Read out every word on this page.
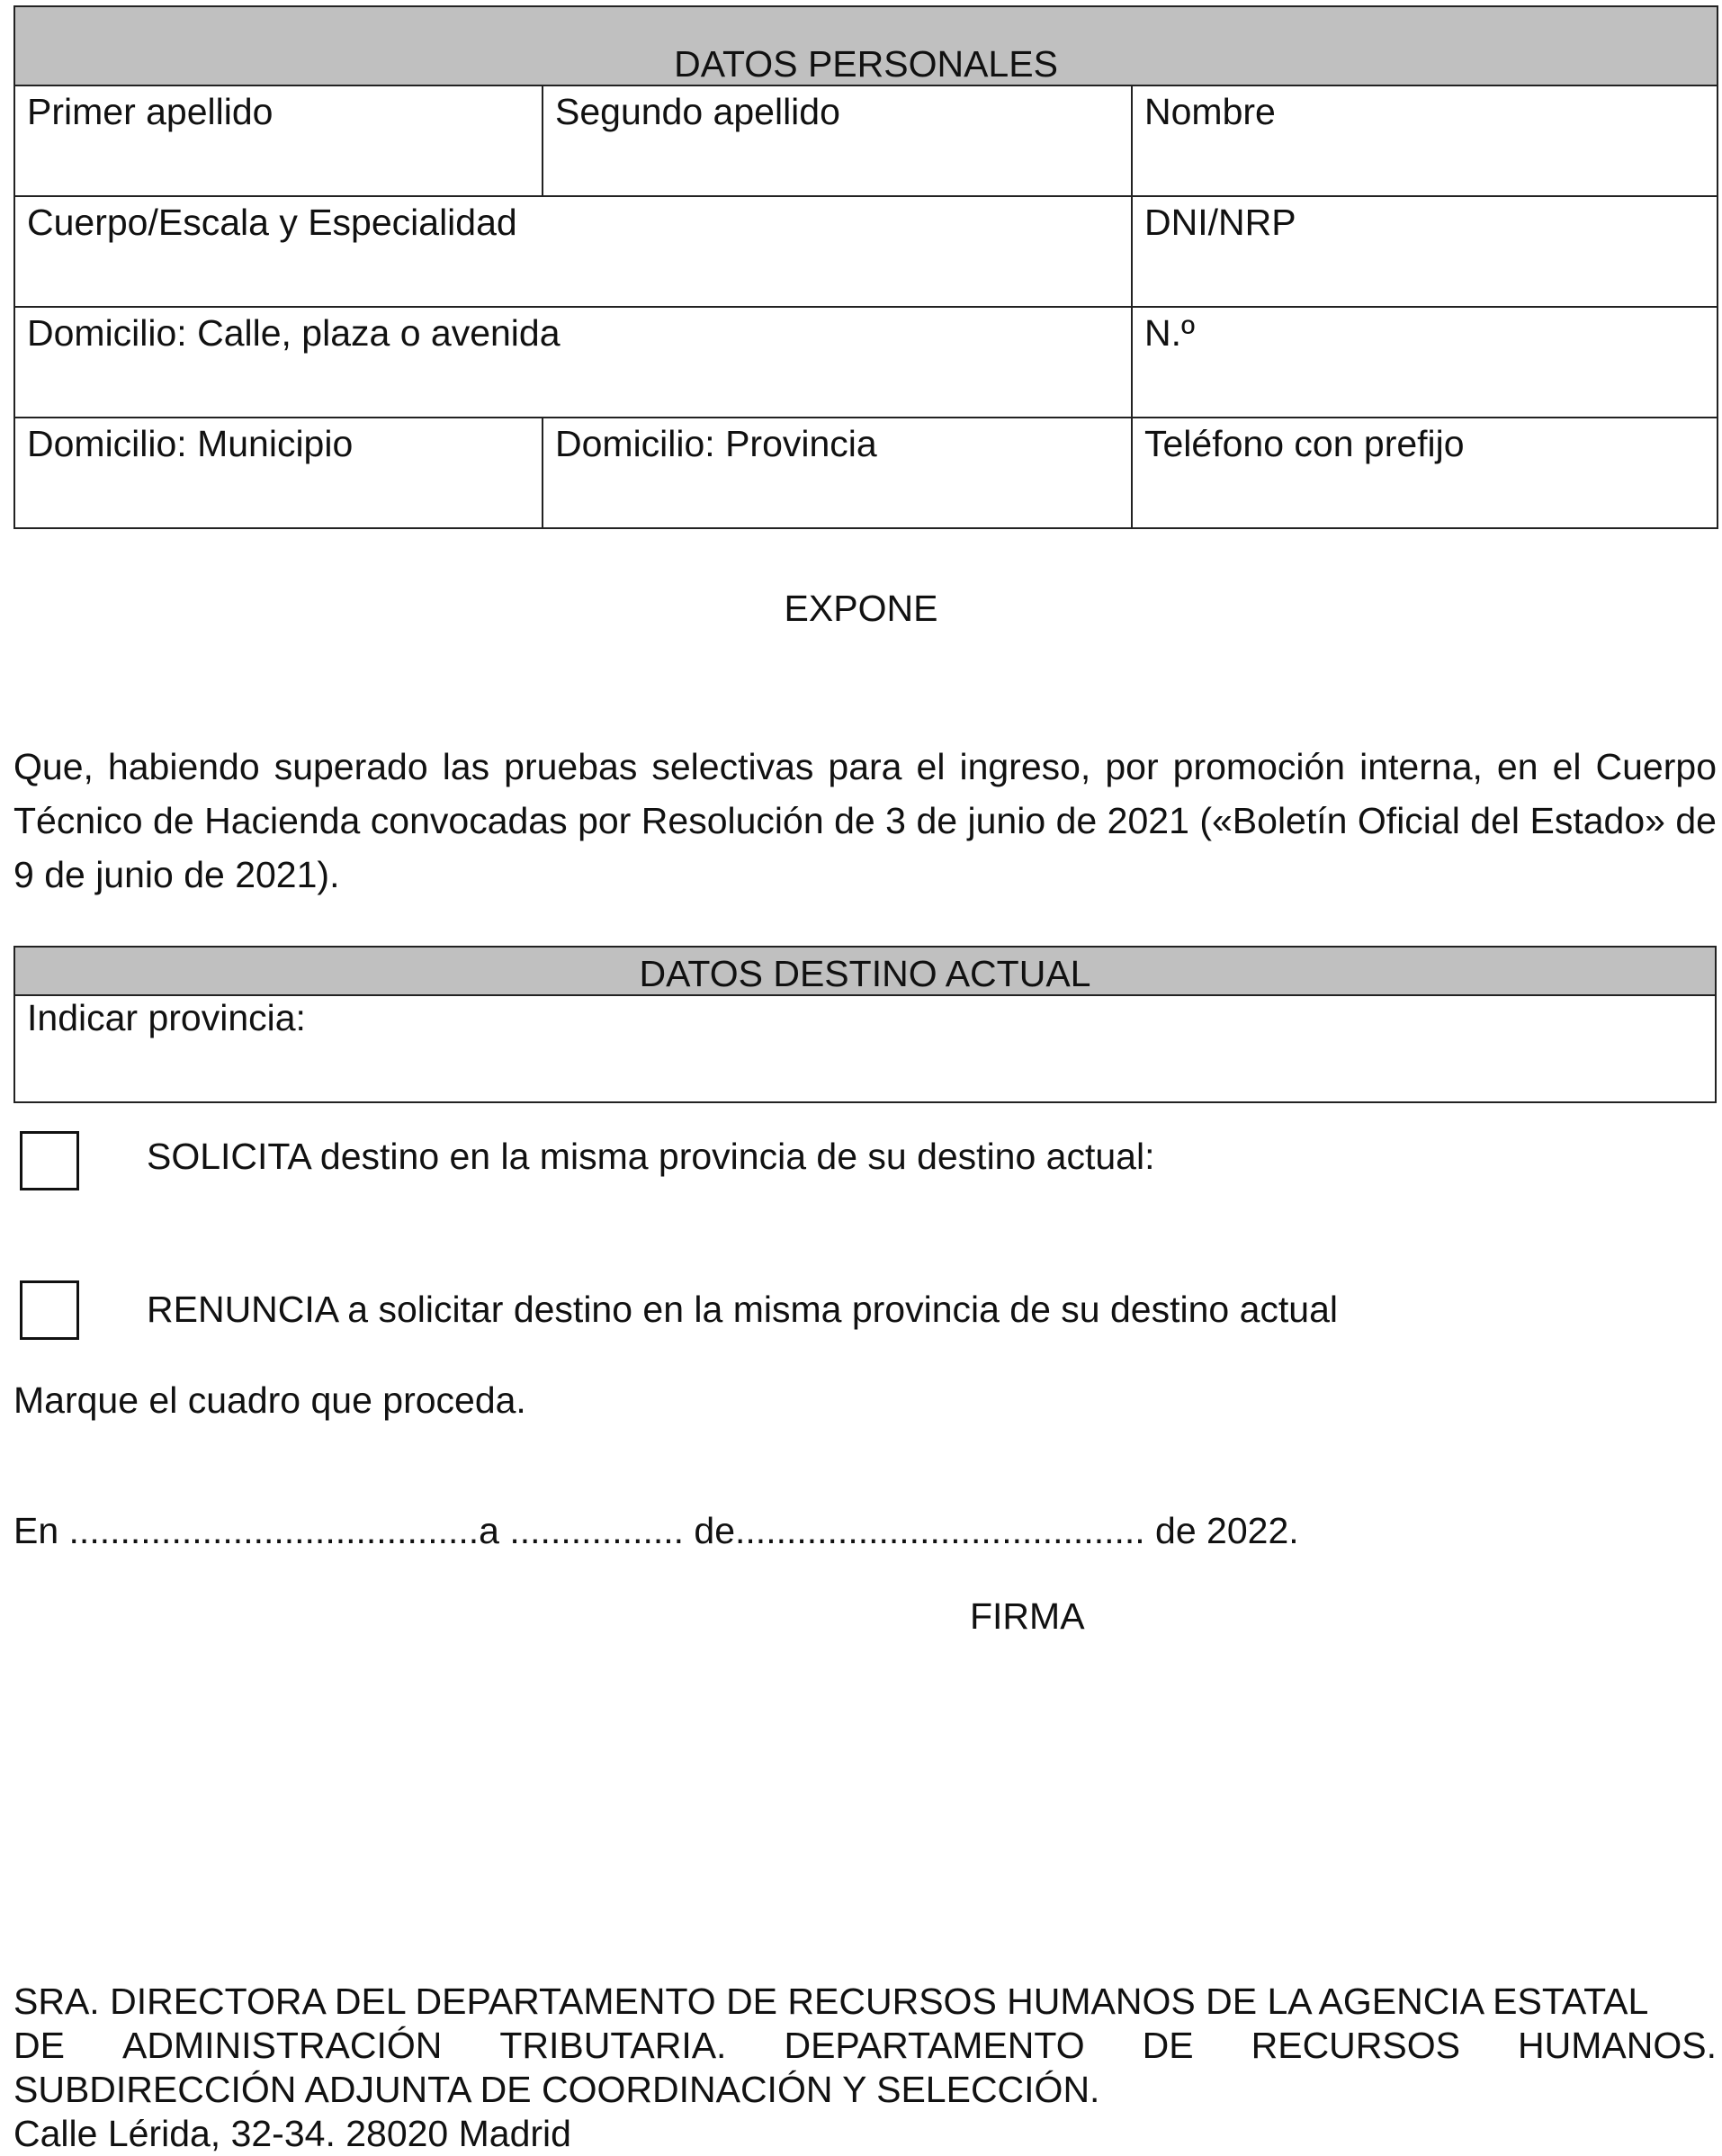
DATOS PERSONALES		
Primer apellido	Segundo apellido	Nombre
Cuerpo/Escala y Especialidad		DNI/NRP
Domicilio: Calle, plaza o avenida		N.º
Domicilio: Municipio	Domicilio: Provincia	Teléfono con prefijo
EXPONE
Que, habiendo superado las pruebas selectivas para el ingreso, por promoción interna, en el Cuerpo Técnico de Hacienda convocadas por Resolución de 3 de junio de 2021 («Boletín Oficial del Estado» de 9 de junio de 2021).
DATOS DESTINO ACTUAL
Indicar provincia:
SOLICITA destino en la misma provincia de su destino actual:
RENUNCIA a solicitar destino en la misma provincia de su destino actual
Marque el cuadro que proceda.
En ........................................a ................. de........................................ de 2022.
FIRMA
SRA. DIRECTORA DEL DEPARTAMENTO DE RECURSOS HUMANOS DE LA AGENCIA ESTATAL
DE ADMINISTRACIÓN TRIBUTARIA. DEPARTAMENTO DE RECURSOS HUMANOS.
SUBDIRECCIÓN ADJUNTA DE COORDINACIÓN Y SELECCIÓN.
Calle Lérida, 32-34. 28020 Madrid
